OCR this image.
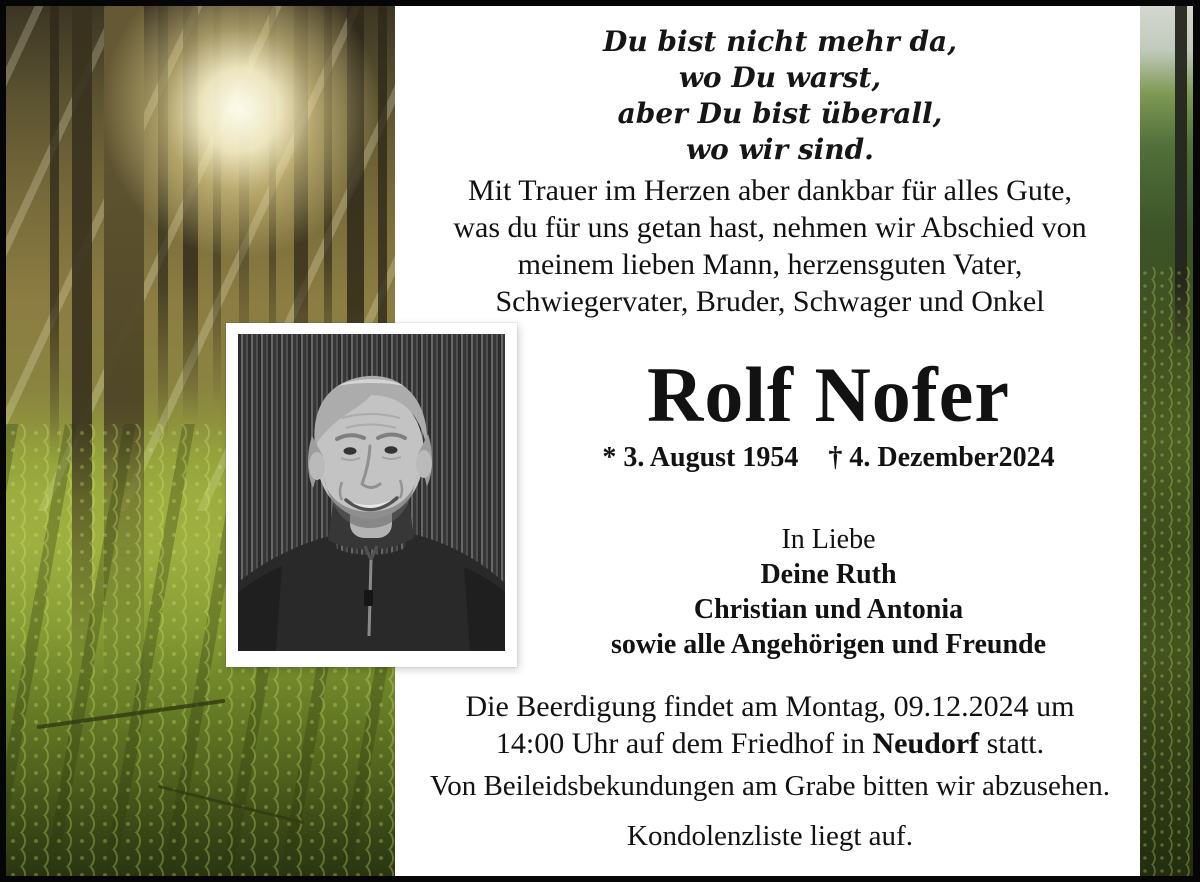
Du bist nicht mehr da,
wo Du warst,
aber Du bist überall,
wo wir sind.
Mit Trauer im Herzen aber dankbar für alles Gute,
was du für uns getan hast, nehmen wir Abschied von
meinem lieben Mann, herzensguten Vater,
Schwiegervater, Bruder, Schwager und Onkel
Rolf Nofer
* 3. August 1954 † 4. Dezember2024
In Liebe
Deine Ruth
Christian und Antonia
sowie alle Angehörigen und Freunde
Die Beerdigung findet am Montag, 09.12.2024 um
14:00 Uhr auf dem Friedhof in Neudorf statt.
Von Beileidsbekundungen am Grabe bitten wir abzusehen.
Kondolenzliste liegt auf.
